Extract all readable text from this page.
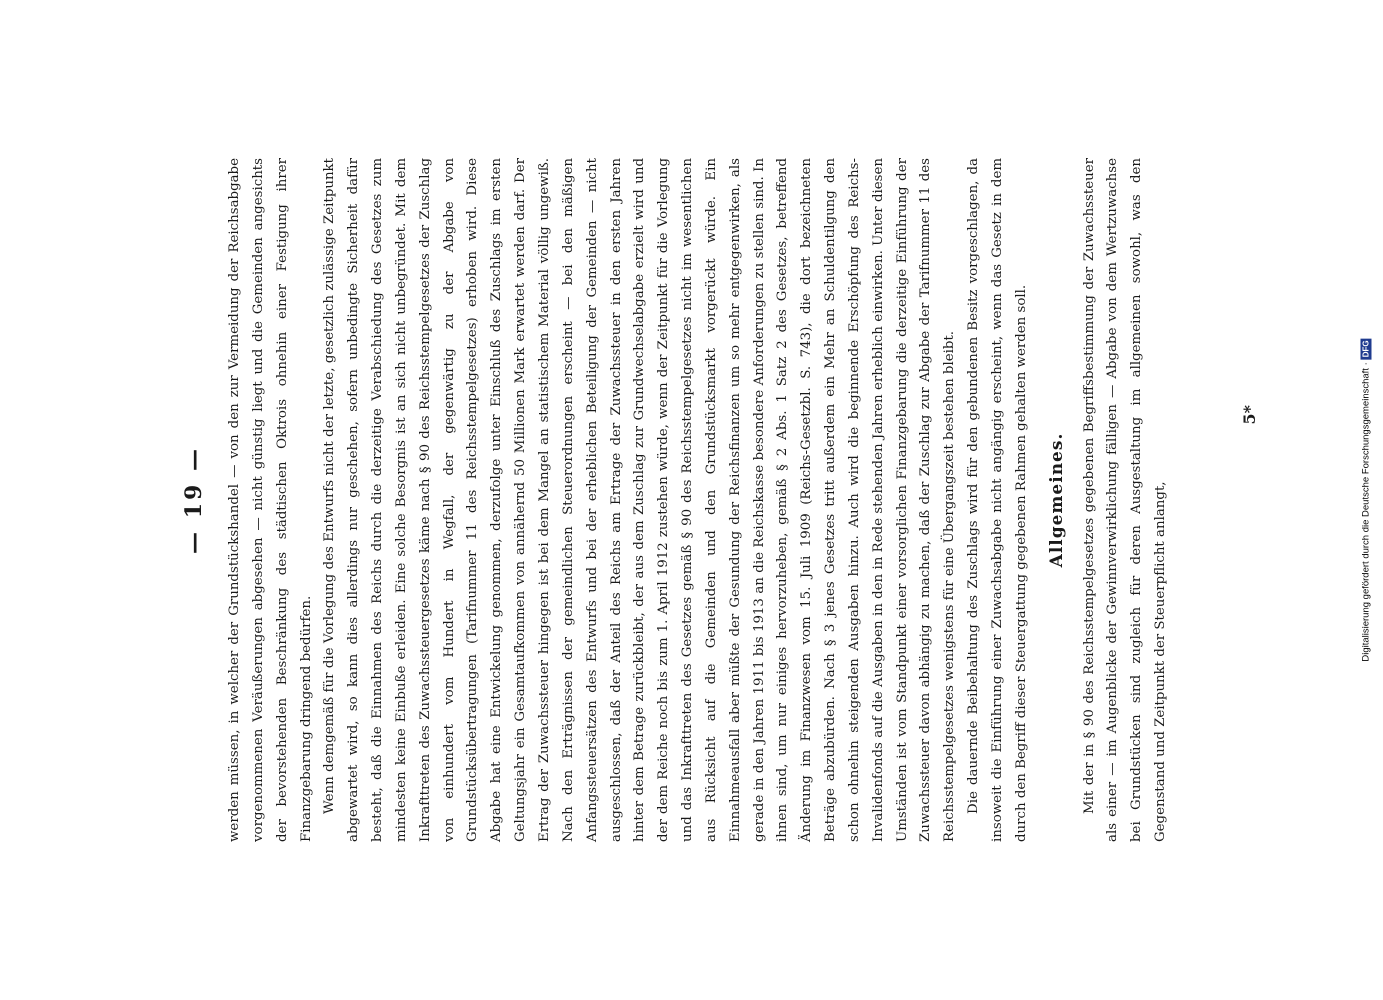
— 19 — werden müssen, in welcher der Grundstückshandel — von den zur Vermeidung der Reichsabgabe vorgenommenen Veräußerungen abgesehen — nicht günstig liegt und die Gemeinden angesichts der bevorstehenden Beschränkung des städtischen Oktrois ohnehin einer Festigung ihrer Finanzgebarung dringend bedürfen. Wenn demgemäß für die Vorlegung des Entwurfs nicht der letzte, gesetzlich zulässige Zeitpunkt abgewartet wird, so kann dies allerdings nur geschehen, sofern unbedingte Sicherheit dafür besteht, daß die Einnahmen des Reichs durch die derzeitige Verabschiedung des Gesetzes zum mindesten keine Einbuße erleiden. Eine solche Besorgnis ist an sich nicht unbegründet. Mit dem Inkrafttreten des Zuwachssteuergesetzes käme nach § 90 des Reichsstempelgesetzes der Zuschlag von einhundert vom Hundert in Wegfall, der gegenwärtig zu der Abgabe von Grundstücksübertragungen (Tarifnummer 11 des Reichsstempelgesetzes) erhoben wird. Diese Abgabe hat eine Entwickelung genommen, derzufolge unter Einschluß des Zuschlags im ersten Geltungsjahr ein Gesamtaufkommen von annähernd 50 Millionen Mark erwartet werden darf. Der Ertrag der Zuwachssteuer hingegen ist bei dem Mangel an statistischem Material völlig ungewiß. Nach den Erträgnissen der gemeindlichen Steuerordnungen erscheint — bei den mäßigen Anfangssteuersätzen des Entwurfs und bei der erheblichen Beteiligung der Gemeinden — nicht ausgeschlossen, daß der Anteil des Reichs am Ertrage der Zuwachssteuer in den ersten Jahren hinter dem Betrage zurückbleibt, der aus dem Zuschlag zur Grundwechselabgabe erzielt wird und der dem Reiche noch bis zum 1. April 1912 zustehen würde, wenn der Zeitpunkt für die Vorlegung und das Inkrafttreten des Gesetzes gemäß § 90 des Reichsstempelgesetzes nicht im wesentlichen aus Rücksicht auf die Gemeinden und den Grundstücksmarkt vorgerückt würde. Ein Einnahmeausfall aber müßte der Gesundung der Reichsfinanzen um so mehr entgegenwirken, als gerade in den Jahren 1911 bis 1913 an die Reichskasse besondere Anforderungen zu stellen sind. In ihnen sind, um nur einiges hervorzuheben, gemäß § 2 Abs. 1 Satz 2 des Gesetzes, betreffend Änderung im Finanzwesen vom 15. Juli 1909 (Reichs-Gesetzbl. S. 743), die dort bezeichneten Beträge abzubürden. Nach § 3 jenes Gesetzes tritt außerdem ein Mehr an Schuldentilgung den schon ohnehin steigenden Ausgaben hinzu. Auch wird die beginnende Erschöpfung des Reichs-Invalidenfonds auf die Ausgaben in den in Rede stehenden Jahren erheblich einwirken. Unter diesen Umständen ist vom Standpunkt einer vorsorglichen Finanzgebarung die derzeitige Einführung der Zuwachssteuer davon abhängig zu machen, daß der Zuschlag zur Abgabe der Tarifnummer 11 des Reichsstempelgesetzes wenigstens für eine Übergangszeit bestehen bleibt. Die dauernde Beibehaltung des Zuschlags wird für den gebundenen Besitz vorgeschlagen, da insoweit die Einführung einer Zuwachsabgabe nicht angängig erscheint, wenn das Gesetz in dem durch den Begriff dieser Steuergattung gegebenen Rahmen gehalten werden soll. Allgemeines. Mit der in § 90 des Reichsstempelgesetzes gegebenen Begriffsbestimmung der Zuwachssteuer als einer — im Augenblicke der Gewinnverwirklichung fälligen — Abgabe von dem Wertzuwachse bei Grundstücken sind zugleich für deren Ausgestaltung im allgemeinen sowohl, was den Gegenstand und Zeitpunkt der Steuerpflicht anlangt,

5*	Digitalisierung gefördert durch die Deutsche Forschungsgemeinschaft ·
DFG
